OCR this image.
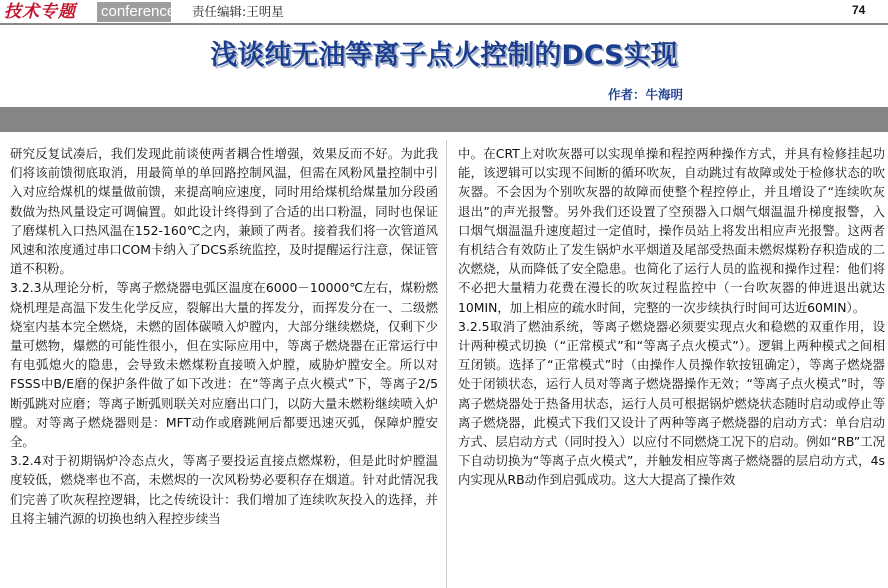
技术专题 conference 责任编辑:王明星	74
浅谈纯无油等离子点火控制的DCS实现
作者：牛海明

研究反复试凑后，我们发现此前谈使两者耦合性增强，效果反而不好。为此我们将该前馈彻底取消，用最简单的单回路控制风温，但需在风粉风量控制中引入对应给煤机的煤量做前馈，来提高响应速度，同时用给煤机给煤量加分段函数做为热风量设定可调偏置。如此设计终得到了合适的出口粉温，同时也保证了磨煤机入口热风温在152-160℃之内，兼顾了两者。接着我们将一次管道风风速和浓度通过串口COM卡纳入了DCS系统监控，及时提醒运行注意，保证管道不积粉。

3.2.3从理论分析，等离子燃烧器电弧区温度在6000－10000℃左右，煤粉燃烧机理是高温下发生化学反应，裂解出大量的挥发分，而挥发分在一、二级燃烧室内基本完全燃烧，未燃的固体碳喷入炉膛内，大部分继续燃烧，仅剩下少量可燃物，爆燃的可能性很小，但在实际应用中，等离子燃烧器在正常运行中有电弧熄火的隐患，会导致未燃煤粉直接喷入炉膛，威胁炉膛安全。所以对FSSS中B/E磨的保护条件做了如下改进：在“等离子点火模式”下，等离子2/5断弧跳对应磨；等离子断弧则联关对应磨出口门，以防大量未燃粉继续喷入炉膛。对等离子燃烧器则是：MFT动作或磨跳闸后都要迅速灭弧，保障炉膛安全。

3.2.4对于初期锅炉冷态点火，等离子要投运直接点燃煤粉，但是此时炉膛温度较低，燃烧率也不高，未燃烬的一次风粉势必要积存在烟道。针对此情况我们完善了吹灰程控逻辑，比之传统设计：我们增加了连续吹灰投入的选择，并且将主辅汽源的切换也纳入程控步续当

中。在CRT上对吹灰器可以实现单操和程控两种操作方式，并具有检修挂起功能，该逻辑可以实现不间断的循环吹灰，自动跳过有故障或处于检修状态的吹灰器。不会因为个别吹灰器的故障而使整个程控停止，并且增设了“连续吹灰退出”的声光报警。另外我们还设置了空预器入口烟气烟温温升梯度报警，入口烟气烟温温升速度超过一定值时，操作员站上将发出相应声光报警。这两者有机结合有效防止了发生锅炉水平烟道及尾部受热面未燃烬煤粉存积造成的二次燃烧，从而降低了安全隐患。也简化了运行人员的监视和操作过程：他们将不必把大量精力花费在漫长的吹灰过程监控中（一台吹灰器的伸进退出就达10MIN，加上相应的疏水时间，完整的一次步续执行时间可达近60MIN）。

3.2.5取消了燃油系统，等离子燃烧器必须要实现点火和稳燃的双重作用，设计两种模式切换（“正常模式”和“等离子点火模式”）。逻辑上两种模式之间相互闭锁。选择了“正常模式”时（由操作人员操作软按钮确定），等离子燃烧器处于闭锁状态，运行人员对等离子燃烧器操作无效；“等离子点火模式”时，等离子燃烧器处于热备用状态，运行人员可根据锅炉燃烧状态随时启动或停止等离子燃烧器，此模式下我们又设计了两种等离子燃烧器的启动方式：单台启动方式、层启动方式（同时投入）以应付不同燃烧工况下的启动。例如“RB”工况下自动切换为“等离子点火模式”，并触发相应等离子燃烧器的层启动方式，4s内实现从RB动作到启弧成功。这大大提高了操作效
